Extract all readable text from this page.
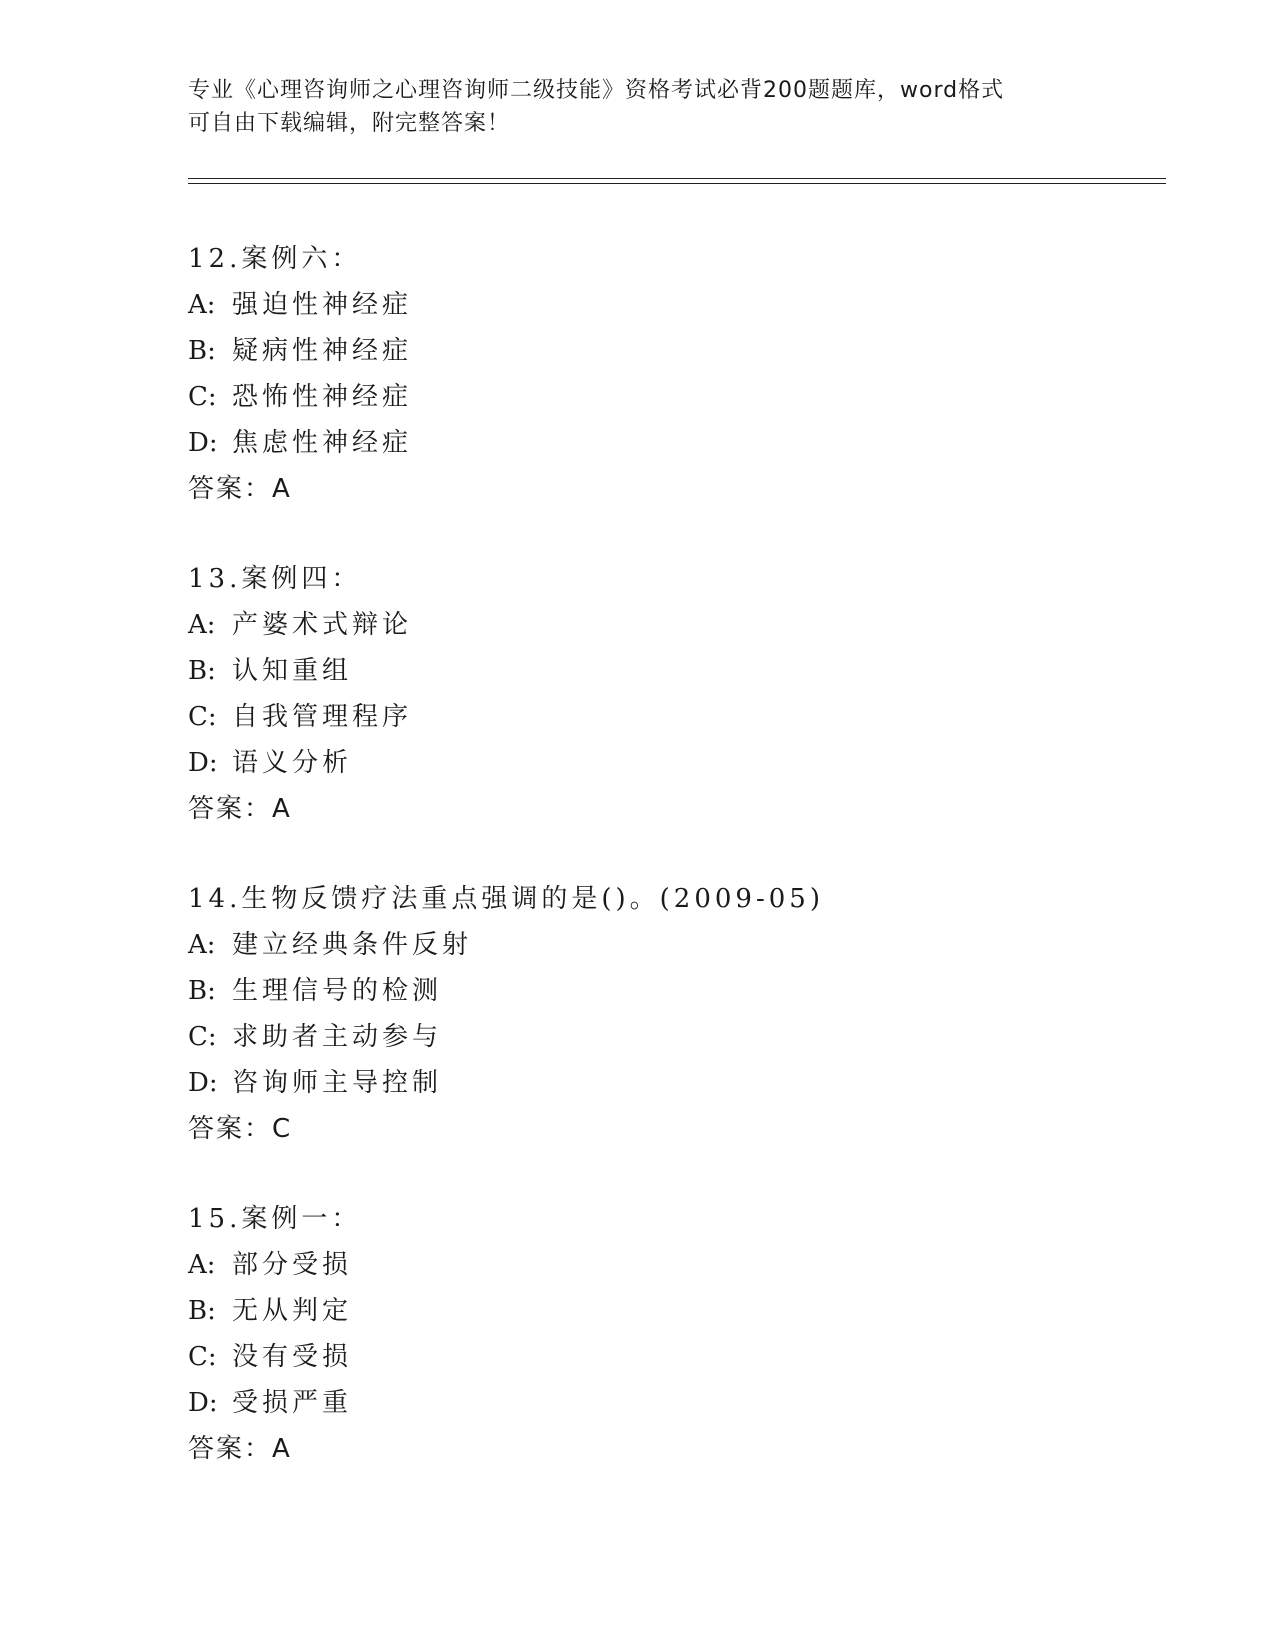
专业《心理咨询师之心理咨询师二级技能》资格考试必背200题题库，word格式
可自由下载编辑，附完整答案！
12.案例六：
A: 强迫性神经症
B: 疑病性神经症
C: 恐怖性神经症
D: 焦虑性神经症
答案：A
13.案例四：
A: 产婆术式辩论
B: 认知重组
C: 自我管理程序
D: 语义分析
答案：A
14.生物反馈疗法重点强调的是()。(2009-05)
A: 建立经典条件反射
B: 生理信号的检测
C: 求助者主动参与
D: 咨询师主导控制
答案：C
15.案例一：
A: 部分受损
B: 无从判定
C: 没有受损
D: 受损严重
答案：A
